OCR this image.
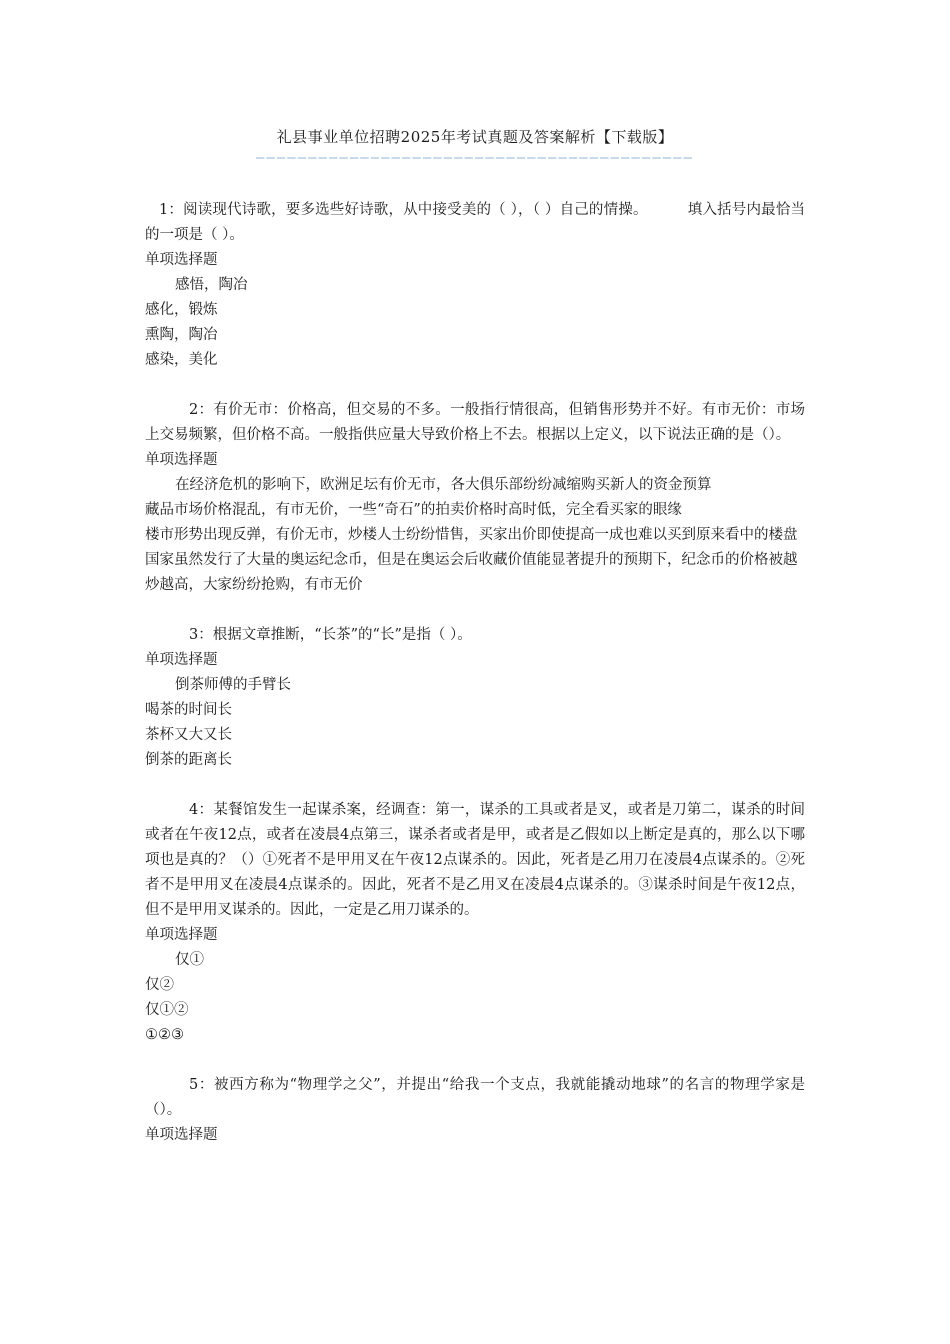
礼县事业单位招聘2025年考试真题及答案解析【下载版】
——————————————————————————————————————————
1：阅读现代诗歌，要多选些好诗歌，从中接受美的（ ），（ ）自己的情操。	填入括号内最恰当的一项是（ ）。
单项选择题
感悟，陶冶
感化，锻炼
熏陶，陶冶
感染，美化
2：有价无市：价格高，但交易的不多。一般指行情很高，但销售形势并不好。有市无价：市场上交易频繁，但价格不高。一般指供应量大导致价格上不去。根据以上定义，以下说法正确的是（）。
单项选择题
在经济危机的影响下，欧洲足坛有价无市，各大俱乐部纷纷减缩购买新人的资金预算
藏品市场价格混乱，有市无价，一些“奇石”的拍卖价格时高时低，完全看买家的眼缘
楼市形势出现反弹，有价无市，炒楼人士纷纷惜售，买家出价即使提高一成也难以买到原来看中的楼盘
国家虽然发行了大量的奥运纪念币，但是在奥运会后收藏价值能显著提升的预期下，纪念币的价格被越炒越高，大家纷纷抢购，有市无价
3：根据文章推断，“长茶”的“长”是指（ ）。
单项选择题
倒茶师傅的手臂长
喝茶的时间长
茶杯又大又长
倒茶的距离长
4：某餐馆发生一起谋杀案，经调查：第一，谋杀的工具或者是叉，或者是刀第二，谋杀的时间或者在午夜12点，或者在凌晨4点第三，谋杀者或者是甲，或者是乙假如以上断定是真的，那么以下哪项也是真的？（）①死者不是甲用叉在午夜12点谋杀的。因此，死者是乙用刀在凌晨4点谋杀的。②死者不是甲用叉在凌晨4点谋杀的。因此，死者不是乙用叉在凌晨4点谋杀的。③谋杀时间是午夜12点，但不是甲用叉谋杀的。因此，一定是乙用刀谋杀的。
单项选择题
仅①
仅②
仅①②
①②③
5：被西方称为“物理学之父”，并提出“给我一个支点，我就能撬动地球”的名言的物理学家是（）。
单项选择题
